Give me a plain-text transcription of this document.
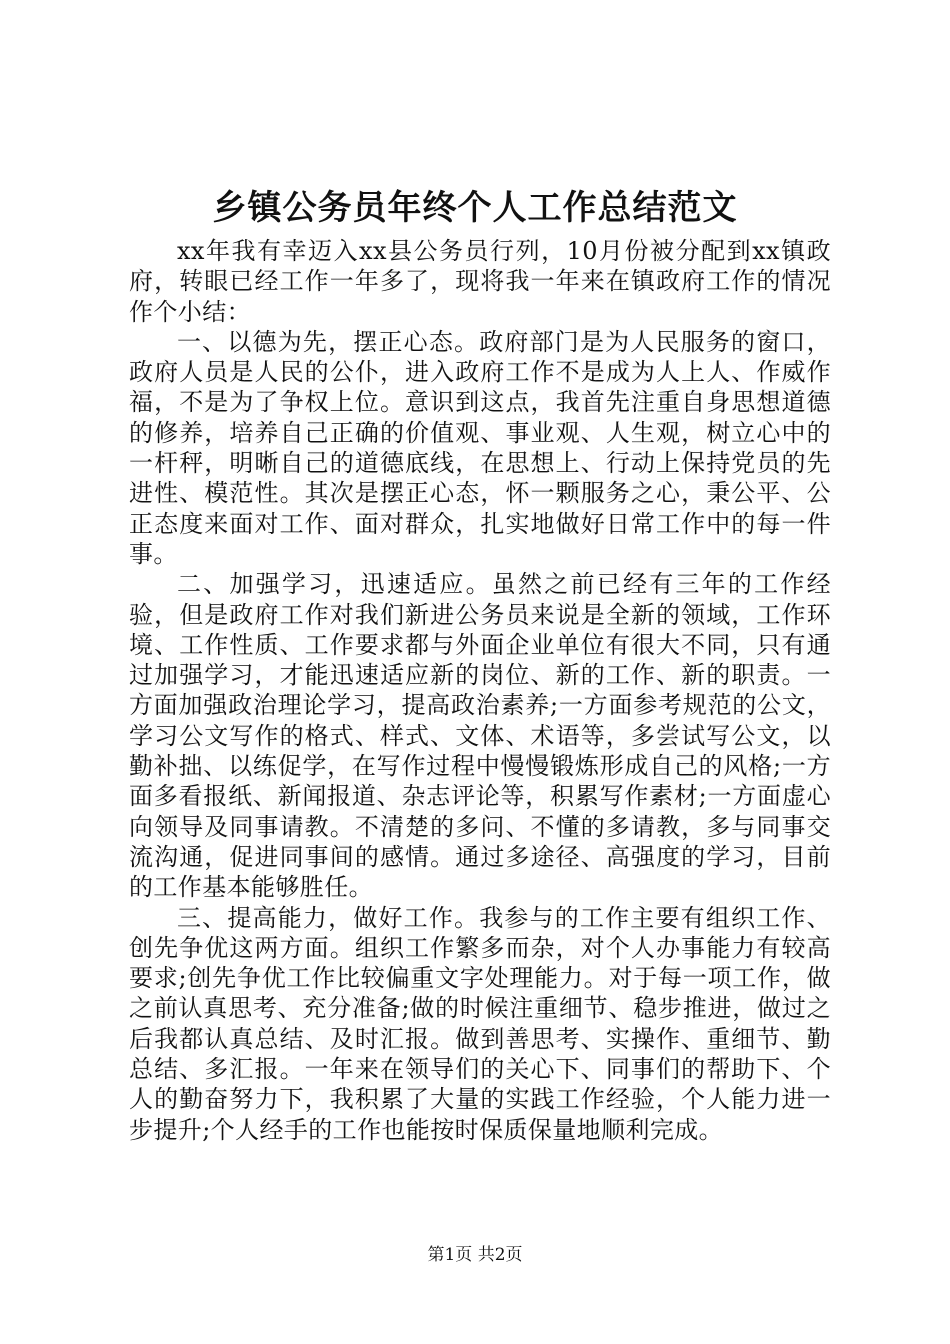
乡镇公务员年终个人工作总结范文

xx年我有幸迈入xx县公务员行列，10月份被分配到xx镇政府，转眼已经工作一年多了，现将我一年来在镇政府工作的情况作个小结：

一、以德为先，摆正心态。政府部门是为人民服务的窗口，政府人员是人民的公仆，进入政府工作不是成为人上人、作威作福，不是为了争权上位。意识到这点，我首先注重自身思想道德的修养，培养自己正确的价值观、事业观、人生观，树立心中的一杆秤，明晰自己的道德底线，在思想上、行动上保持党员的先进性、模范性。其次是摆正心态，怀一颗服务之心，秉公平、公正态度来面对工作、面对群众，扎实地做好日常工作中的每一件事。

二、加强学习，迅速适应。虽然之前已经有三年的工作经验，但是政府工作对我们新进公务员来说是全新的领域，工作环境、工作性质、工作要求都与外面企业单位有很大不同，只有通过加强学习，才能迅速适应新的岗位、新的工作、新的职责。一方面加强政治理论学习，提高政治素养;一方面参考规范的公文，学习公文写作的格式、样式、文体、术语等，多尝试写公文，以勤补拙、以练促学，在写作过程中慢慢锻炼形成自己的风格;一方面多看报纸、新闻报道、杂志评论等，积累写作素材;一方面虚心向领导及同事请教。不清楚的多问、不懂的多请教，多与同事交流沟通，促进同事间的感情。通过多途径、高强度的学习，目前的工作基本能够胜任。

三、提高能力，做好工作。我参与的工作主要有组织工作、创先争优这两方面。组织工作繁多而杂，对个人办事能力有较高要求;创先争优工作比较偏重文字处理能力。对于每一项工作，做之前认真思考、充分准备;做的时候注重细节、稳步推进，做过之后我都认真总结、及时汇报。做到善思考、实操作、重细节、勤总结、多汇报。一年来在领导们的关心下、同事们的帮助下、个人的勤奋努力下，我积累了大量的实践工作经验，个人能力进一步提升;个人经手的工作也能按时保质保量地顺利完成。

第1页 共2页
